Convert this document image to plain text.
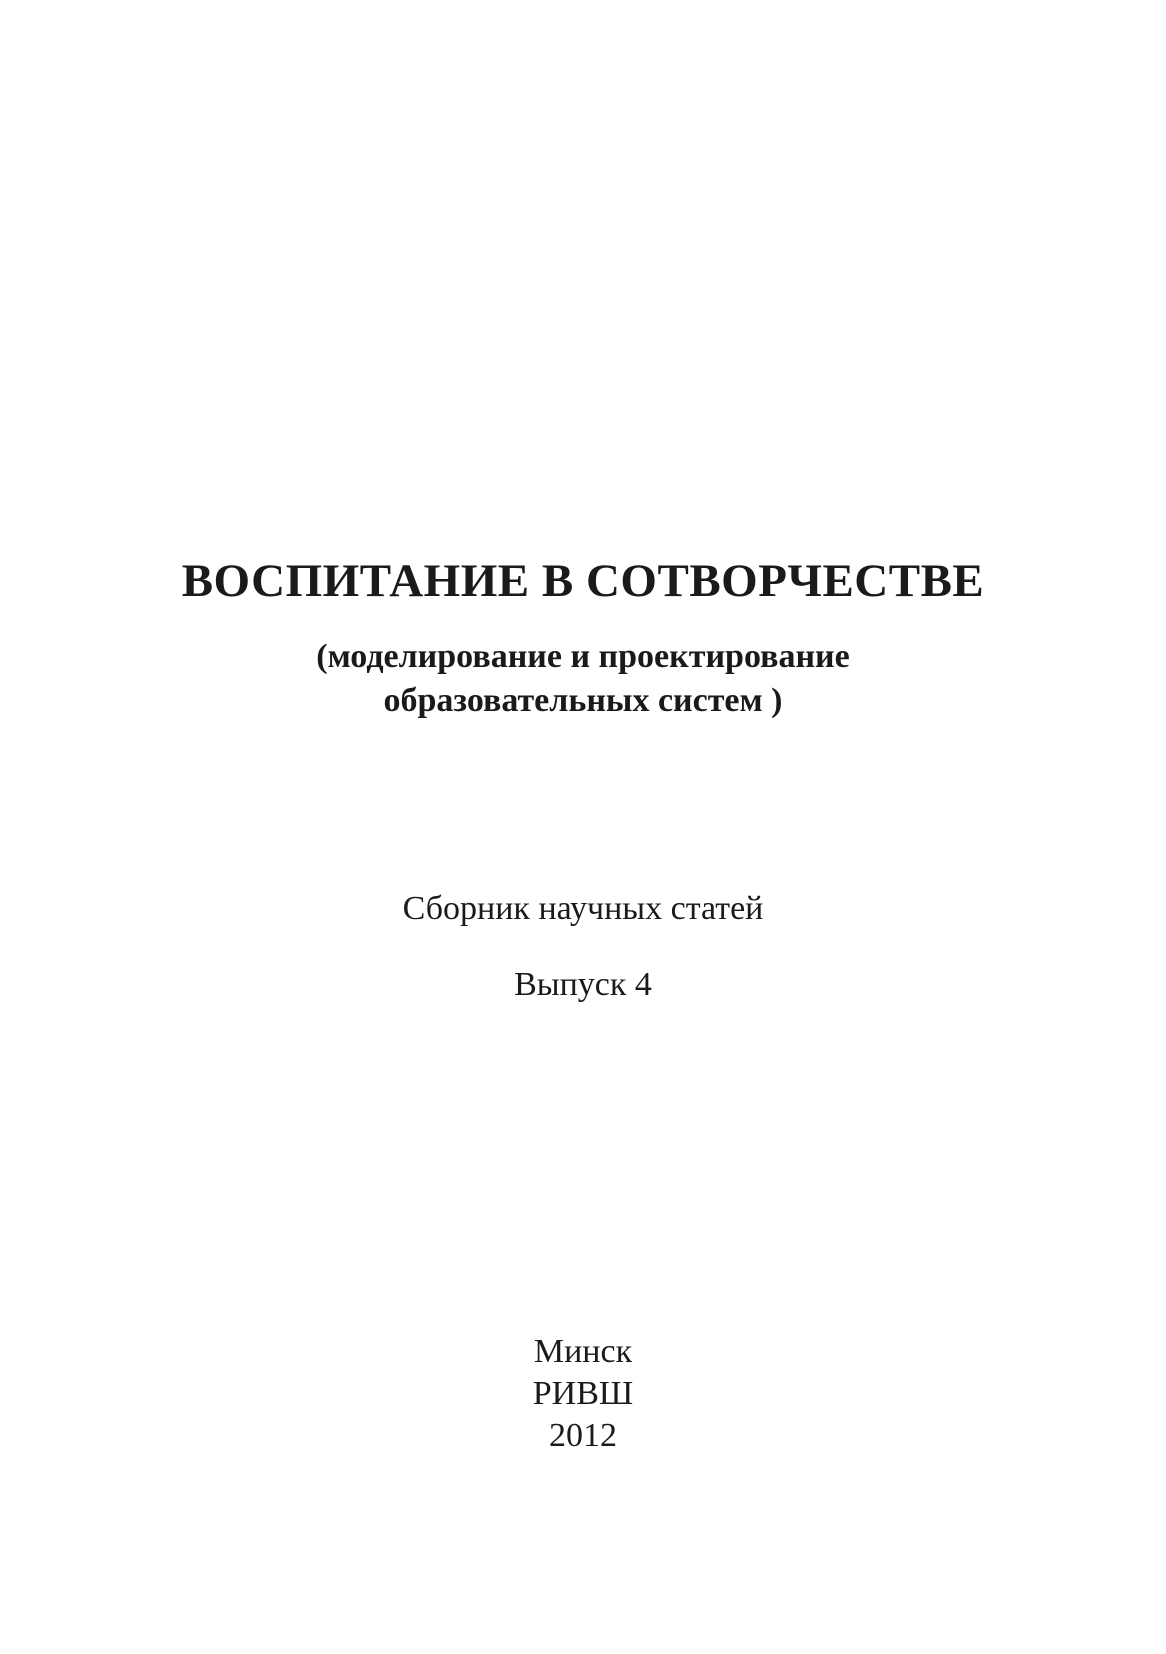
ВОСПИТАНИЕ В СОТВОРЧЕСТВЕ
(моделирование и проектирование
образовательных систем )
Сборник научных статей
Выпуск 4
Минск
РИВШ
2012
